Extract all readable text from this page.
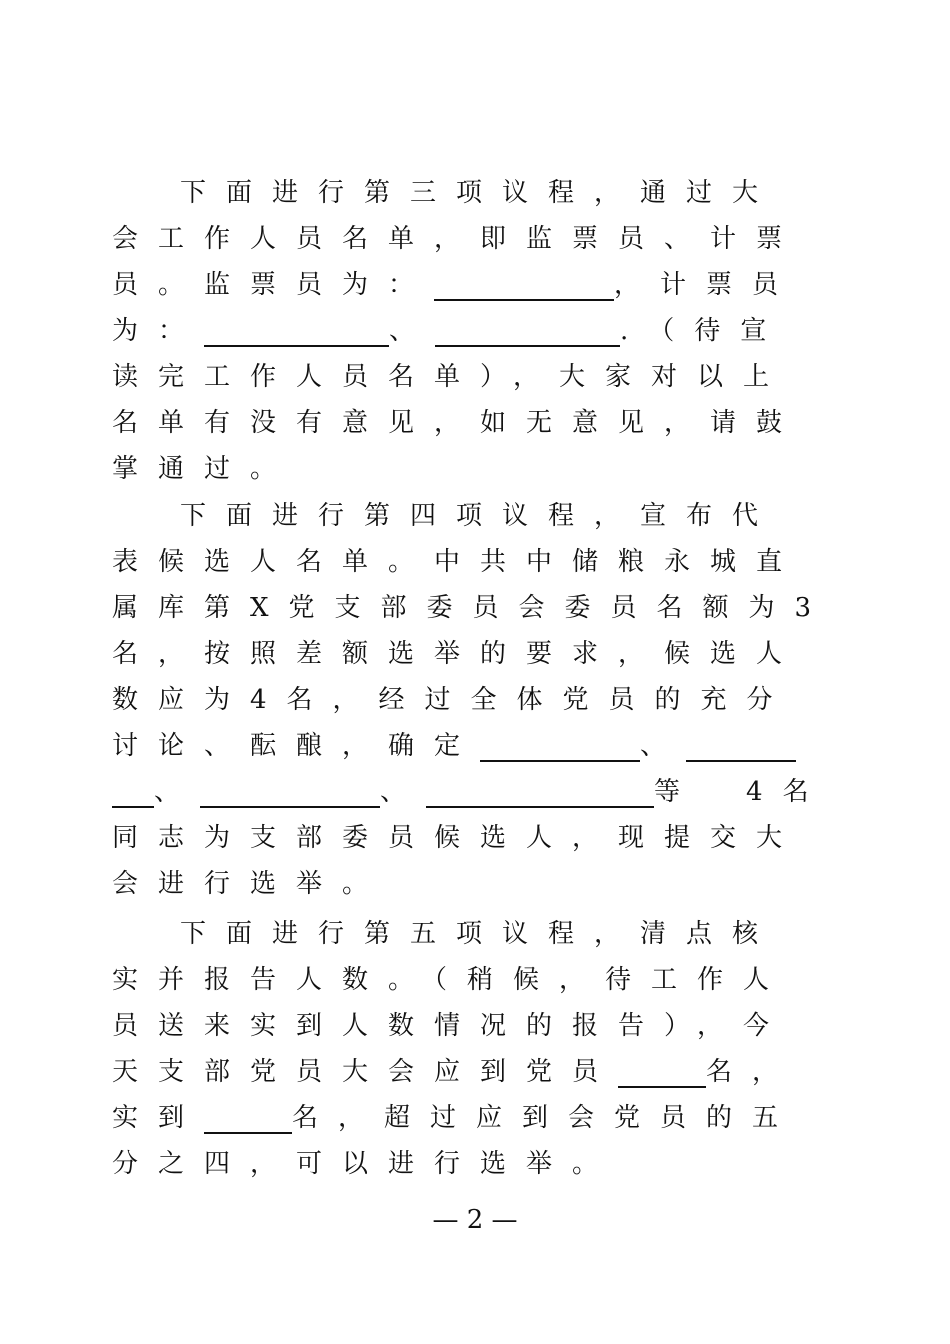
下面进行第三项议程，通过大
会工作人员名单，即监票员、计票
员。监票员为：	，计票员
为：	、	.（待宣
读完工作人员名单），大家对以上
名单有没有意见，如无意见，请鼓
掌通过。
下面进行第四项议程，宣布代
表候选人名单。中共中储粮永城直
属库第X党支部委员会委员名额为3
名，按照差额选举的要求，候选人
数应为4名，经过全体党员的充分
讨论、酝酿，确定	、
、	、	等　4名
同志为支部委员候选人，现提交大
会进行选举。
下面进行第五项议程，清点核
实并报告人数。（稍候，待工作人
员送来实到人数情况的报告），今
天支部党员大会应到党员	名，
实到	名，超过应到会党员的五
分之四，可以进行选举。
— 2 —
